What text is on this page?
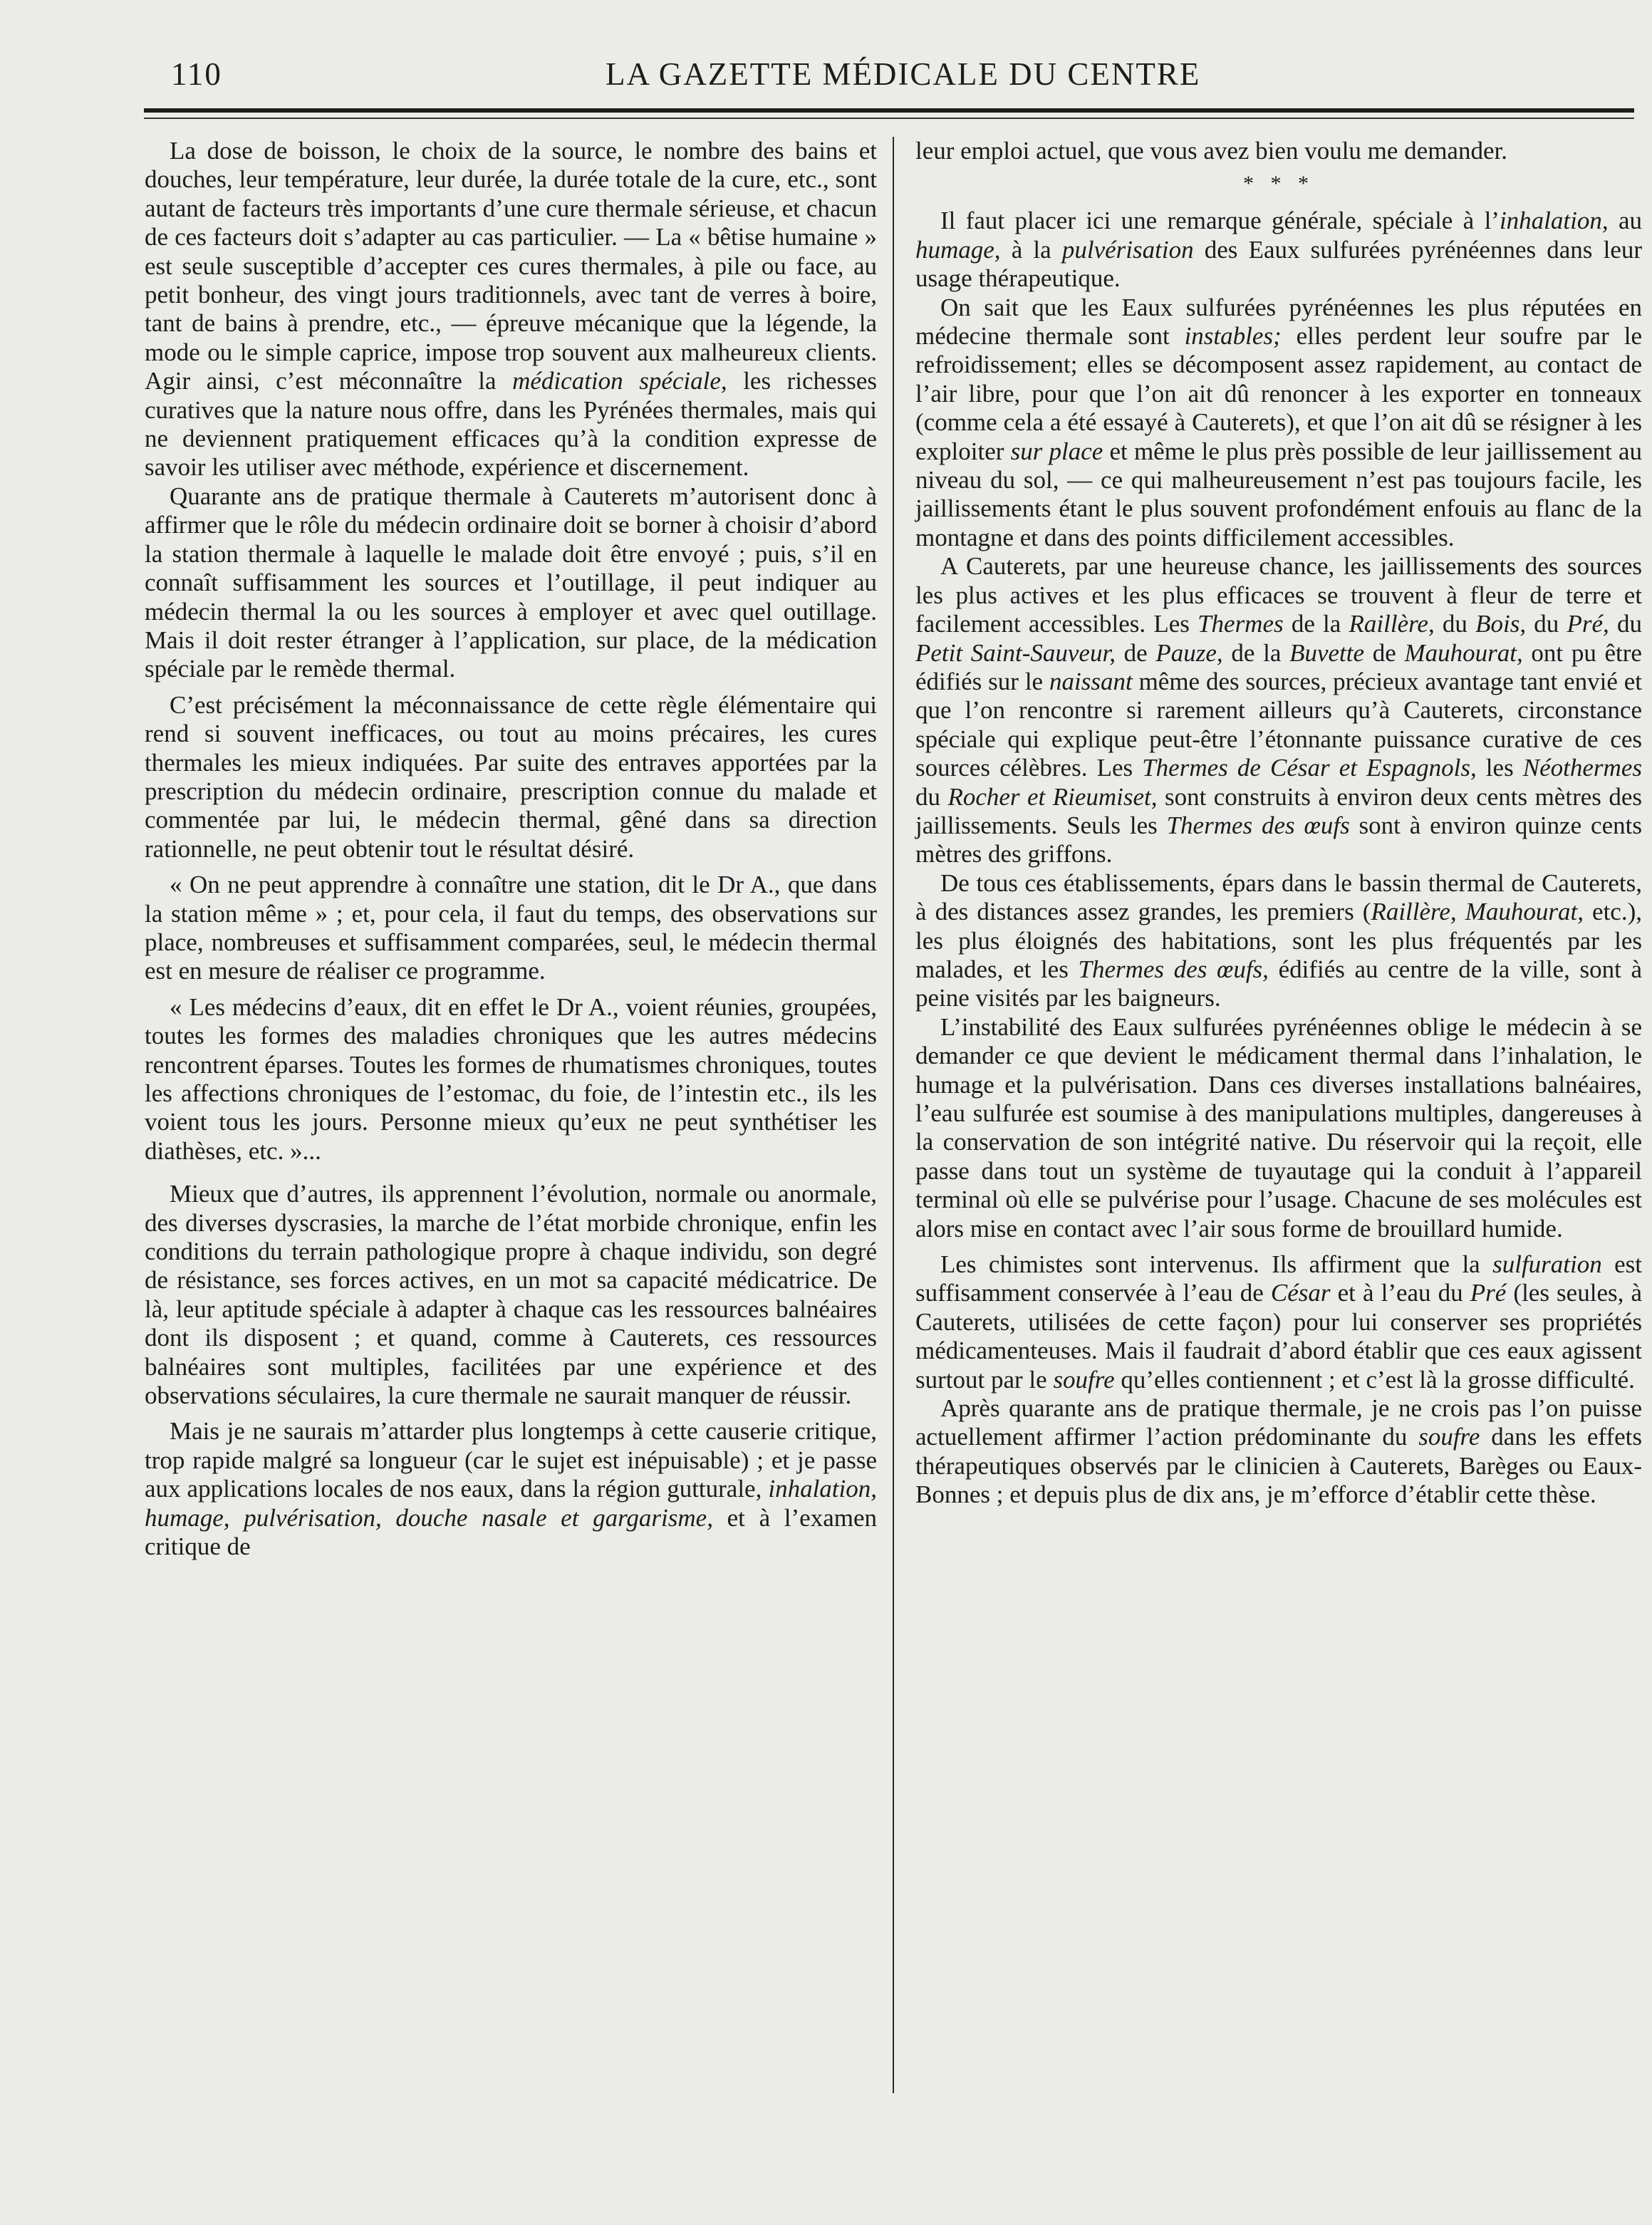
110	LA GAZETTE MÉDICALE DU CENTRE

La dose de boisson, le choix de la source, le nombre des bains et douches, leur température, leur durée, la durée totale de la cure, etc., sont autant de facteurs très importants d’une cure thermale sérieuse, et chacun de ces facteurs doit s’adapter au cas particulier. — La « bêtise humaine » est seule susceptible d’accepter ces cures thermales, à pile ou face, au petit bonheur, des vingt jours traditionnels, avec tant de verres à boire, tant de bains à prendre, etc., — épreuve mécanique que la légende, la mode ou le simple caprice, impose trop souvent aux malheureux clients. Agir ainsi, c’est méconnaître la médication spéciale, les richesses curatives que la nature nous offre, dans les Pyrénées thermales, mais qui ne deviennent pratiquement efficaces qu’à la condition expresse de savoir les utiliser avec méthode, expérience et discernement.

Quarante ans de pratique thermale à Cauterets m’autorisent donc à affirmer que le rôle du médecin ordinaire doit se borner à choisir d’abord la station thermale à laquelle le malade doit être envoyé ; puis, s’il en connaît suffisamment les sources et l’outillage, il peut indiquer au médecin thermal la ou les sources à employer et avec quel outillage. Mais il doit rester étranger à l’application, sur place, de la médication spéciale par le remède thermal.

C’est précisément la méconnaissance de cette règle élémentaire qui rend si souvent inefficaces, ou tout au moins précaires, les cures thermales les mieux indiquées. Par suite des entraves apportées par la prescription du médecin ordinaire, prescription connue du malade et commentée par lui, le médecin thermal, gêné dans sa direction rationnelle, ne peut obtenir tout le résultat désiré.

« On ne peut apprendre à connaître une station, dit le Dr A., que dans la station même » ; et, pour cela, il faut du temps, des observations sur place, nombreuses et suffisamment comparées, seul, le médecin thermal est en mesure de réaliser ce programme.

« Les médecins d’eaux, dit en effet le Dr A., voient réunies, groupées, toutes les formes des maladies chroniques que les autres médecins rencontrent éparses. Toutes les formes de rhumatismes chroniques, toutes les affections chroniques de l’estomac, du foie, de l’intestin etc., ils les voient tous les jours. Personne mieux qu’eux ne peut synthétiser les diathèses, etc. »...

Mieux que d’autres, ils apprennent l’évolution, normale ou anormale, des diverses dyscrasies, la marche de l’état morbide chronique, enfin les conditions du terrain pathologique propre à chaque individu, son degré de résistance, ses forces actives, en un mot sa capacité médicatrice. De là, leur aptitude spéciale à adapter à chaque cas les ressources balnéaires dont ils disposent ; et quand, comme à Cauterets, ces ressources balnéaires sont multiples, facilitées par une expérience et des observations séculaires, la cure thermale ne saurait manquer de réussir.

Mais je ne saurais m’attarder plus longtemps à cette causerie critique, trop rapide malgré sa longueur (car le sujet est inépuisable) ; et je passe aux applications locales de nos eaux, dans la région gutturale, inhalation, humage, pulvérisation, douche nasale et gargarisme, et à l’examen critique de

leur emploi actuel, que vous avez bien voulu me demander.

* * *

Il faut placer ici une remarque générale, spéciale à l’inhalation, au humage, à la pulvérisation des Eaux sulfurées pyrénéennes dans leur usage thérapeutique.

On sait que les Eaux sulfurées pyrénéennes les plus réputées en médecine thermale sont instables; elles perdent leur soufre par le refroidissement; elles se décomposent assez rapidement, au contact de l’air libre, pour que l’on ait dû renoncer à les exporter en tonneaux (comme cela a été essayé à Cauterets), et que l’on ait dû se résigner à les exploiter sur place et même le plus près possible de leur jaillissement au niveau du sol, — ce qui malheureusement n’est pas toujours facile, les jaillissements étant le plus souvent profondément enfouis au flanc de la montagne et dans des points difficilement accessibles.

A Cauterets, par une heureuse chance, les jaillissements des sources les plus actives et les plus efficaces se trouvent à fleur de terre et facilement accessibles. Les Thermes de la Raillère, du Bois, du Pré, du Petit Saint-Sauveur, de Pauze, de la Buvette de Mauhourat, ont pu être édifiés sur le naissant même des sources, précieux avantage tant envié et que l’on rencontre si rarement ailleurs qu’à Cauterets, circonstance spéciale qui explique peut-être l’étonnante puissance curative de ces sources célèbres. Les Thermes de César et Espagnols, les Néothermes du Rocher et Rieumiset, sont construits à environ deux cents mètres des jaillissements. Seuls les Thermes des œufs sont à environ quinze cents mètres des griffons.

De tous ces établissements, épars dans le bassin thermal de Cauterets, à des distances assez grandes, les premiers (Raillère, Mauhourat, etc.), les plus éloignés des habitations, sont les plus fréquentés par les malades, et les Thermes des œufs, édifiés au centre de la ville, sont à peine visités par les baigneurs.

L’instabilité des Eaux sulfurées pyrénéennes oblige le médecin à se demander ce que devient le médicament thermal dans l’inhalation, le humage et la pulvérisation. Dans ces diverses installations balnéaires, l’eau sulfurée est soumise à des manipulations multiples, dangereuses à la conservation de son intégrité native. Du réservoir qui la reçoit, elle passe dans tout un système de tuyautage qui la conduit à l’appareil terminal où elle se pulvérise pour l’usage. Chacune de ses molécules est alors mise en contact avec l’air sous forme de brouillard humide.

Les chimistes sont intervenus. Ils affirment que la sulfuration est suffisamment conservée à l’eau de César et à l’eau du Pré (les seules, à Cauterets, utilisées de cette façon) pour lui conserver ses propriétés médicamenteuses. Mais il faudrait d’abord établir que ces eaux agissent surtout par le soufre qu’elles contiennent ; et c’est là la grosse difficulté.

Après quarante ans de pratique thermale, je ne crois pas l’on puisse actuellement affirmer l’action prédominante du soufre dans les effets thérapeutiques observés par le clinicien à Cauterets, Barèges ou Eaux-Bonnes ; et depuis plus de dix ans, je m’efforce d’établir cette thèse.
